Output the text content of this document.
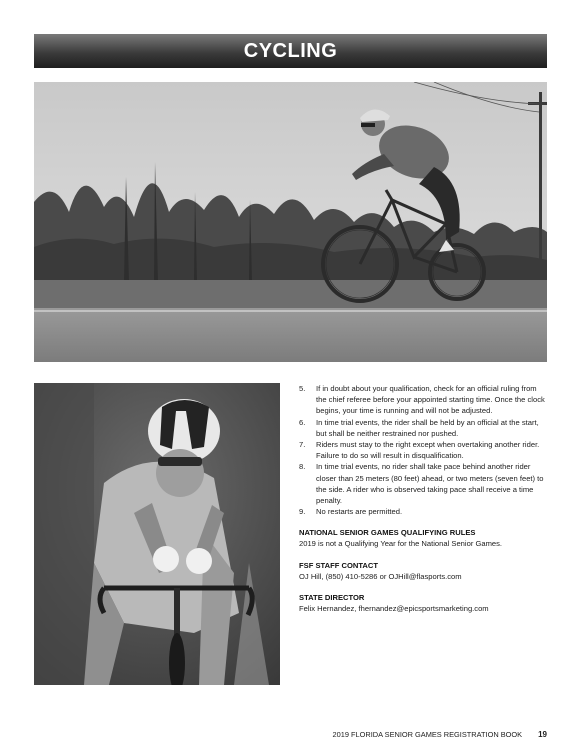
CYCLING
5.	If in doubt about your qualification, check for an official ruling from the chief referee before your appointed starting time. Once the clock begins, your time is running and will not be adjusted.
6.	In time trial events, the rider shall be held by an official at the start, but shall be neither restrained nor pushed.
7.	Riders must stay to the right except when overtaking another rider. Failure to do so will result in disqualification.
8.	In time trial events, no rider shall take pace behind another rider closer than 25 meters (80 feet) ahead, or two meters (seven feet) to the side. A rider who is observed taking pace shall receive a time penalty.
9.	No restarts are permitted.
NATIONAL SENIOR GAMES QUALIFYING RULES

2019 is not a Qualifying Year for the National Senior Games.

FSF STAFF CONTACT

OJ Hill, (850) 410-5286 or OJHill@flasports.com

STATE DIRECTOR

Felix Hernandez, fhernandez@epicsportsmarketing.com

2019 FLORIDA SENIOR GAMES REGISTRATION BOOK 19
